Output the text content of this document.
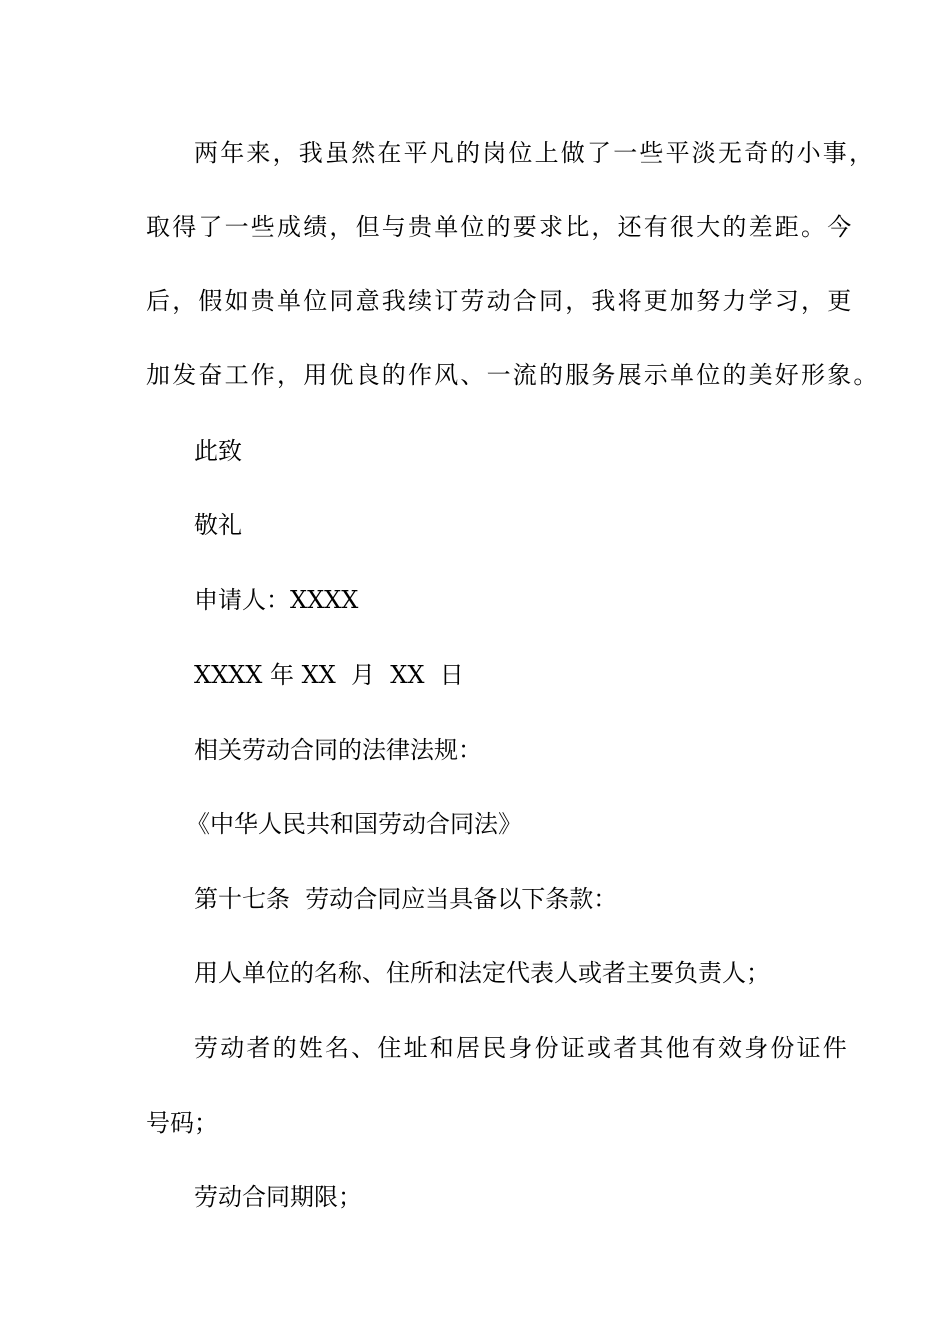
两年来，我虽然在平凡的岗位上做了一些平淡无奇的小事，
取得了一些成绩，但与贵单位的要求比，还有很大的差距。今
后，假如贵单位同意我续订劳动合同，我将更加努力学习，更
加发奋工作，用优良的作风、一流的服务展示单位的美好形象。
此致
敬礼
申请人：XXXX
XXXX 年 XX  月  XX  日
相关劳动合同的法律法规：
《中华人民共和国劳动合同法》
第十七条  劳动合同应当具备以下条款：
用人单位的名称、住所和法定代表人或者主要负责人；
劳动者的姓名、住址和居民身份证或者其他有效身份证件
号码；
劳动合同期限；
